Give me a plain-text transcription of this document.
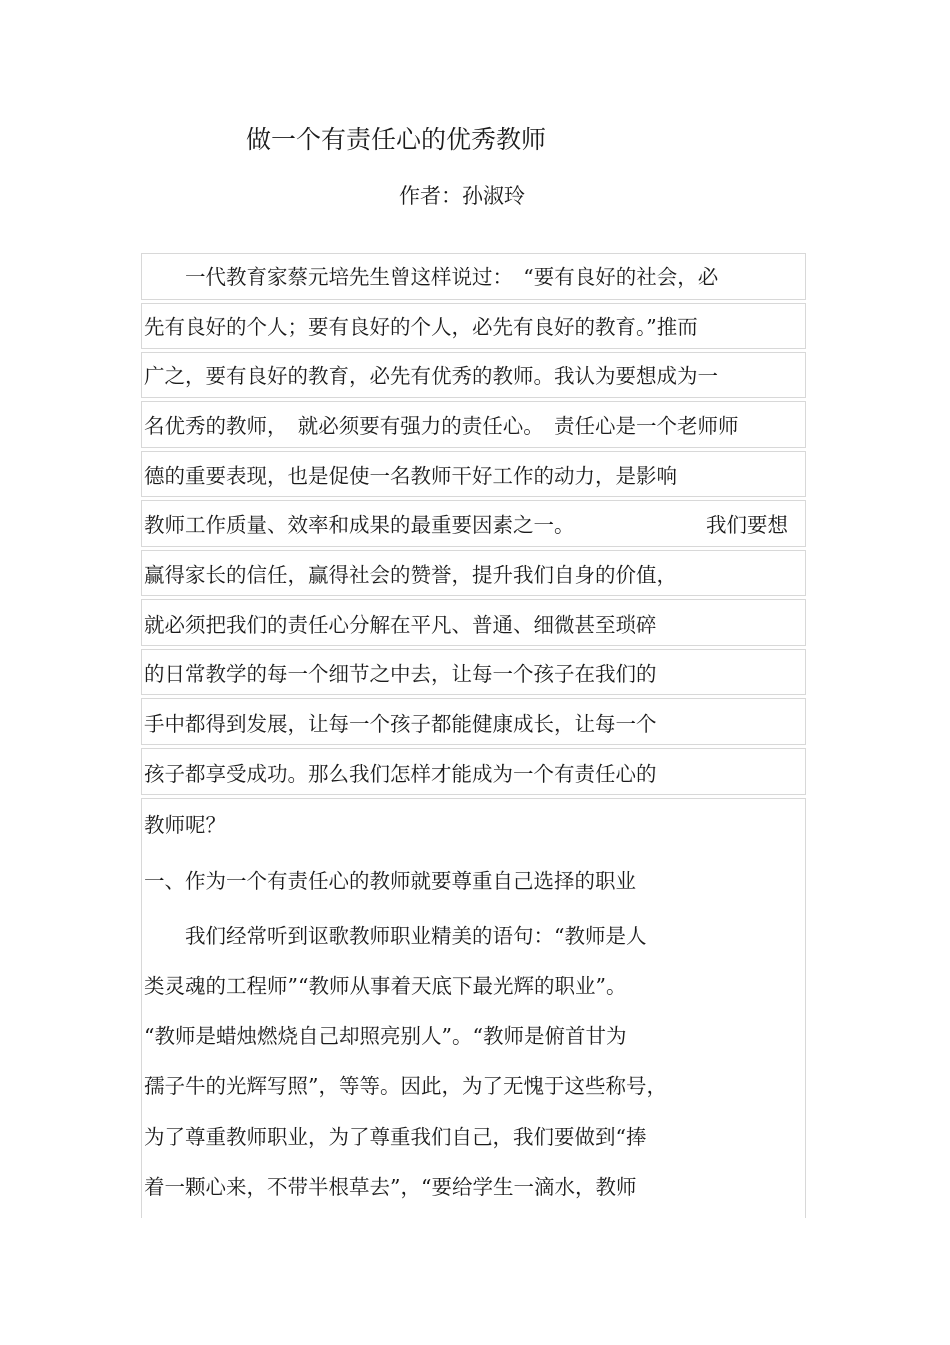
做一个有责任心的优秀教师
作者：孙淑玲
　　一代教育家蔡元培先生曾这样说过：　“要有良好的社会，必
先有良好的个人；要有良好的个人，必先有良好的教育。”推而
广之，要有良好的教育，必先有优秀的教师。我认为要想成为一
名优秀的教师，　就必须要有强力的责任心。　责任心是一个老师师
德的重要表现，也是促使一名教师干好工作的动力，是影响
教师工作质量、效率和成果的最重要因素之一。	我们要想
赢得家长的信任，赢得社会的赞誉，提升我们自身的价值，
就必须把我们的责任心分解在平凡、普通、细微甚至琐碎
的日常教学的每一个细节之中去，让每一个孩子在我们的
手中都得到发展，让每一个孩子都能健康成长，让每一个
孩子都享受成功。那么我们怎样才能成为一个有责任心的
教师呢？
一、作为一个有责任心的教师就要尊重自己选择的职业
　　我们经常听到讴歌教师职业精美的语句：“教师是人
类灵魂的工程师”“教师从事着天底下最光辉的职业”。
“教师是蜡烛燃烧自己却照亮别人”。“教师是俯首甘为
孺子牛的光辉写照”，等等。因此，为了无愧于这些称号，
为了尊重教师职业，为了尊重我们自己，我们要做到“捧
着一颗心来，不带半根草去”，“要给学生一滴水，教师
